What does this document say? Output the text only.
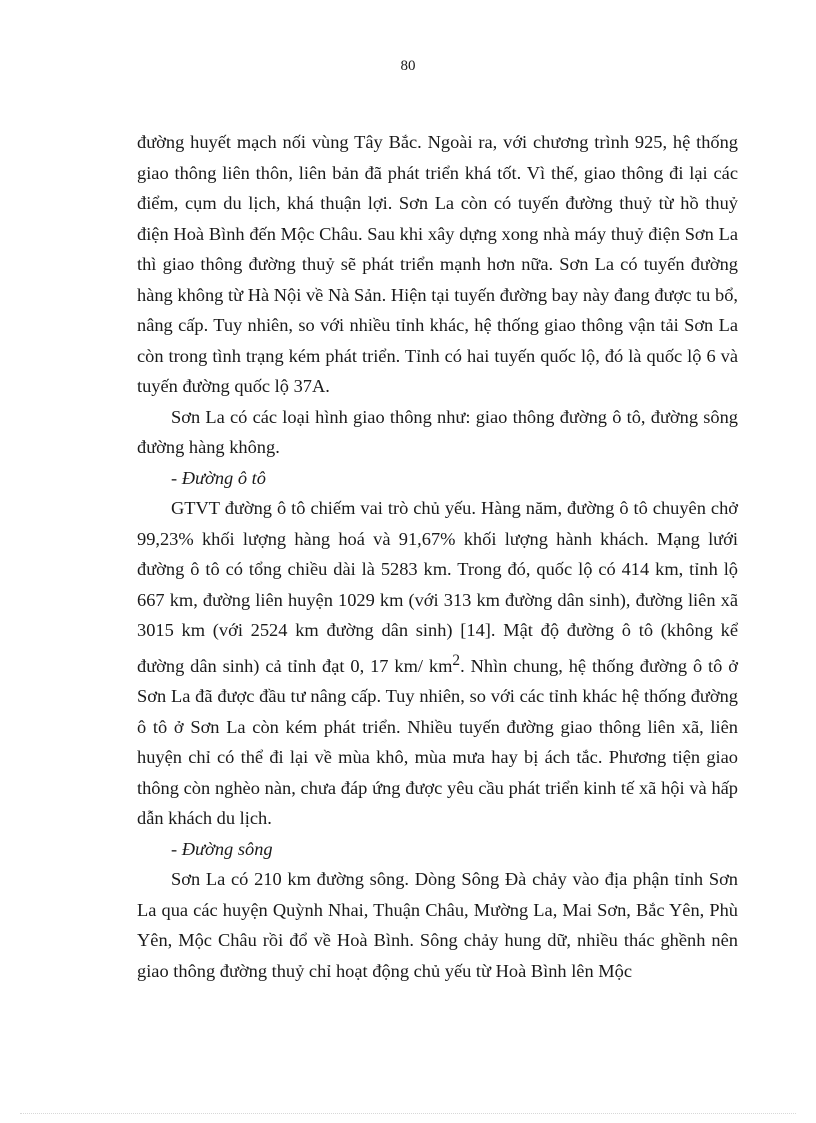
80

đường huyết mạch nối vùng Tây Bắc. Ngoài ra, với chương trình 925, hệ thống giao thông liên thôn, liên bản đã phát triển khá tốt. Vì thế, giao thông đi lại các điểm, cụm du lịch, khá thuận lợi. Sơn La còn có tuyến đường thuỷ từ hồ thuỷ điện Hoà Bình đến Mộc Châu. Sau khi xây dựng xong nhà máy thuỷ điện Sơn La thì giao thông đường thuỷ sẽ phát triển mạnh hơn nữa. Sơn La có tuyến đường hàng không từ Hà Nội về Nà Sản. Hiện tại tuyến đường bay này đang được tu bổ, nâng cấp. Tuy nhiên, so với nhiều tỉnh khác, hệ thống giao thông vận tải Sơn La còn trong tình trạng kém phát triển. Tỉnh có hai tuyến quốc lộ, đó là quốc lộ 6 và tuyến đường quốc lộ 37A.

Sơn La có các loại hình giao thông như: giao thông đường ô tô, đường sông đường hàng không.

- Đường ô tô

GTVT đường ô tô chiếm vai trò chủ yếu. Hàng năm, đường ô tô chuyên chở 99,23% khối lượng hàng hoá và 91,67% khối lượng hành khách. Mạng lưới đường ô tô có tổng chiều dài là 5283 km. Trong đó, quốc lộ có 414 km, tỉnh lộ 667 km, đường liên huyện 1029 km (với 313 km đường dân sinh), đường liên xã 3015 km (với 2524 km đường dân sinh) [14]. Mật độ đường ô tô (không kể đường dân sinh) cả tỉnh đạt 0, 17 km/ $km^2$. Nhìn chung, hệ thống đường ô tô ở Sơn La đã được đầu tư nâng cấp. Tuy nhiên, so với các tỉnh khác hệ thống đường ô tô ở Sơn La còn kém phát triển. Nhiều tuyến đường giao thông liên xã, liên huyện chỉ có thể đi lại về mùa khô, mùa mưa hay bị ách tắc. Phương tiện giao thông còn nghèo nàn, chưa đáp ứng được yêu cầu phát triển kinh tế xã hội và hấp dẫn khách du lịch.

- Đường sông

Sơn La có 210 km đường sông. Dòng Sông Đà chảy vào địa phận tỉnh Sơn La qua các huyện Quỳnh Nhai, Thuận Châu, Mường La, Mai Sơn, Bắc Yên, Phù Yên, Mộc Châu rồi đổ về Hoà Bình. Sông chảy hung dữ, nhiều thác ghềnh nên giao thông đường thuỷ chỉ hoạt động chủ yếu từ Hoà Bình lên Mộc
